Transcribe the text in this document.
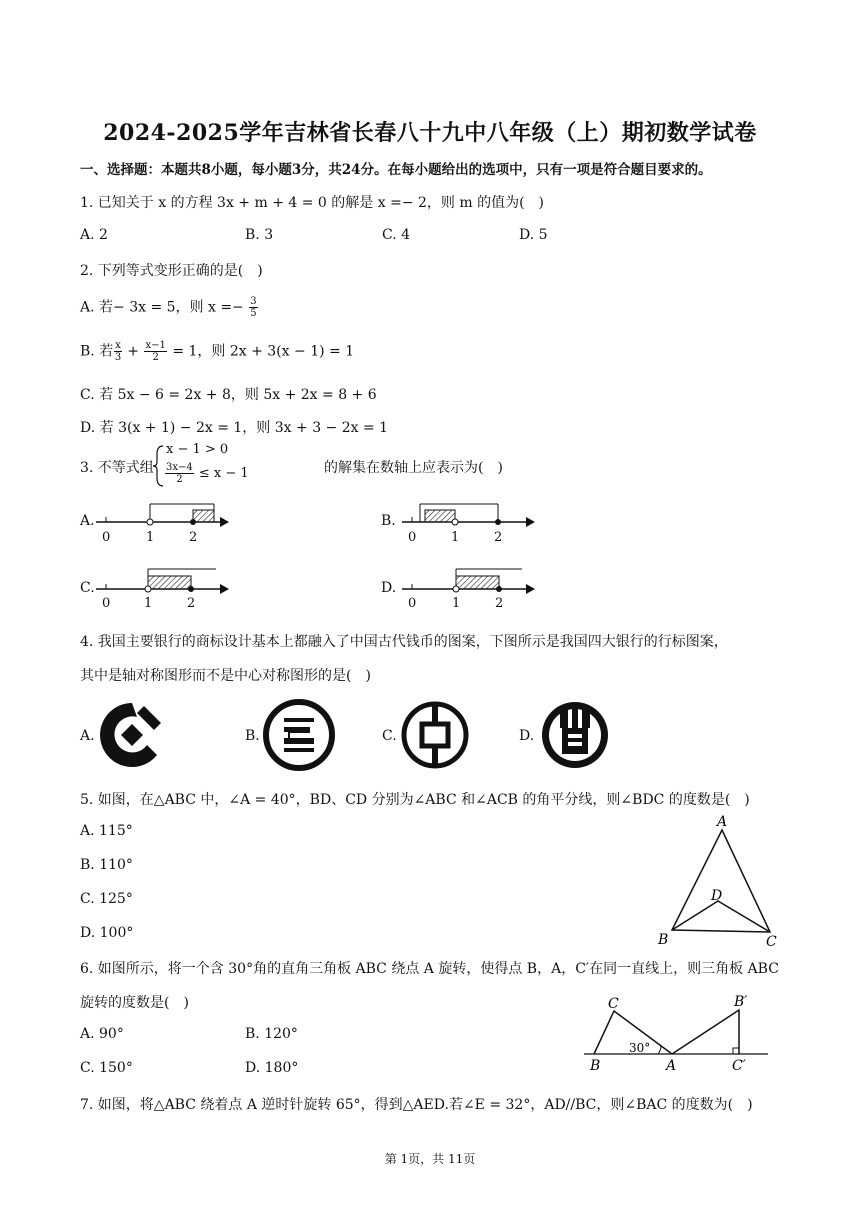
2024-2025学年吉林省长春八十九中八年级（上）期初数学试卷
一、选择题：本题共8小题，每小题3分，共24分。在每小题给出的选项中，只有一项是符合题目要求的。
1. 已知关于 x 的方程 3x + m + 4 = 0 的解是 x =− 2，则 m 的值为(　)
A. 2	B. 3	C. 4	D. 5
2. 下列等式变形正确的是(　)
A. 若− 3x = 5，则 $x =- \frac{3}{5}$
B. 若 $\frac{x}{3} + \frac{x-1}{2} = 1$，则 2x + 3(x − 1) = 1
C. 若 5x − 6 = 2x + 8，则 5x + 2x = 8 + 6
D. 若 3(x + 1) − 2x = 1，则 3x + 3 − 2x = 1
3. 不等式组
x − 1 > 0
$\frac{3x-4}{2} \le x - 1$	的解集在数轴上应表示为(　)
A.	B.
C.	D.
0	1	2	0	1	2
0	1	2	0	1	2
4. 我国主要银行的商标设计基本上都融入了中国古代钱币的图案，下图所示是我国四大银行的行标图案，
其中是轴对称图形而不是中心对称图形的是(　)
A.	B.	C.	D.
5. 如图，在△ABC 中，∠A = 40°，BD、CD 分别为∠ABC 和∠ACB 的角平分线，则∠BDC 的度数是(　)
A. 115°
B. 110°
C. 125°
D. 100°
A
B	C
D
6. 如图所示，将一个含 30°角的直角三角板 ABC 绕点 A 旋转，使得点 B，A，C′在同一直线上，则三角板 ABC
旋转的度数是(　)
A. 90°	B. 120°
C. 150°	D. 180°
30°
B
C
A
B′
C′
7. 如图，将△ABC 绕着点 A 逆时针旋转 65°，得到△AED.若∠E = 32°，AD//BC，则∠BAC 的度数为(　)
第 1页，共 11页
